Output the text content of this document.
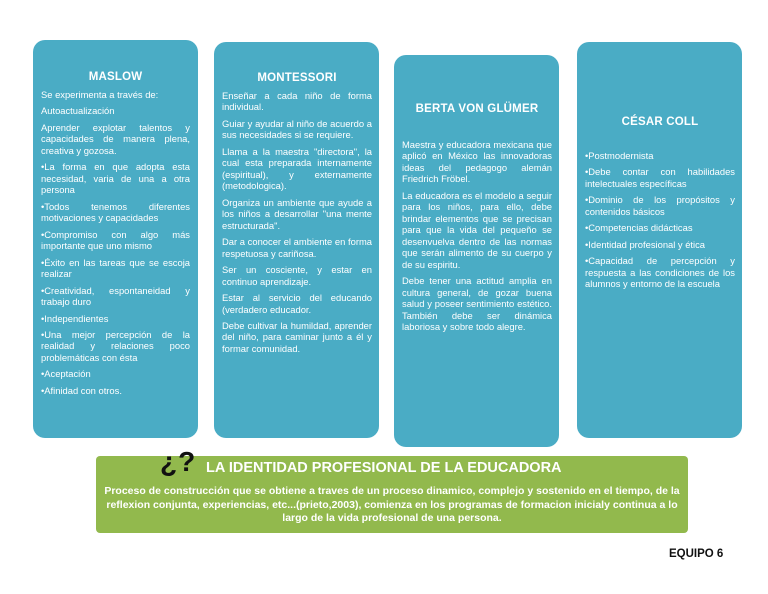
MASLOW

Se experimenta a través de:

Autoactualización

Aprender explotar talentos y capacidades de manera plena, creativa y gozosa.

•La forma en que adopta esta necesidad, varia de una a otra persona

•Todos tenemos diferentes motivaciones y capacidades

•Compromiso con algo más importante que uno mismo

•Éxito en las tareas que se escoja realizar

•Creatividad, espontaneidad y trabajo duro

•Independientes

•Una mejor percepción de la realidad y relaciones poco problemáticas con ésta

•Aceptación

•Afinidad con otros.

MONTESSORI

Enseñar a cada niño de forma individual.

Guiar y ayudar al niño de acuerdo a sus necesidades si se requiere.

Llama a la maestra "directora", la cual esta preparada internamente (espiritual), y externamente (metodologica).

Organiza un ambiente que ayude a los niños a desarrollar "una mente estructurada".

Dar a conocer el ambiente en forma respetuosa y cariñosa.

Ser un cosciente, y estar en continuo aprendizaje.

Estar al servicio del educando (verdadero educador.

Debe cultivar la humildad, aprender del niño, para caminar junto a él y formar comunidad.

BERTA VON GLÜMER

Maestra y educadora mexicana que aplicó en México las innovadoras ideas del pedagogo alemán Friedrich Fröbel.

La educadora es el modelo a seguir para los niños, para ello, debe brindar elementos que se precisan para que la vida del pequeño se desenvuelva dentro de las normas que serán alimento de su cuerpo y de su espiritu.

Debe tener una actitud amplia en cultura general, de gozar buena salud y poseer sentimiento estético. También debe ser dinámica laboriosa y sobre todo alegre.

CÉSAR COLL

•Postmodernista

•Debe contar con habilidades intelectuales específicas

•Dominio de los propósitos y contenidos básicos

•Competencias didácticas

•Identidad profesional y ética

•Capacidad de percepción y respuesta a las condiciones de los alumnos y entorno de la escuela

LA IDENTIDAD PROFESIONAL DE LA EDUCADORA
Proceso de construcción que se obtiene a traves de un proceso dinamico, complejo y sostenido en el tiempo, de la reflexion conjunta, experiencias, etc...(prieto,2003), comienza en los programas de formacion inicialy continua a lo largo de la vida profesional de una persona.
¿?
EQUIPO 6
